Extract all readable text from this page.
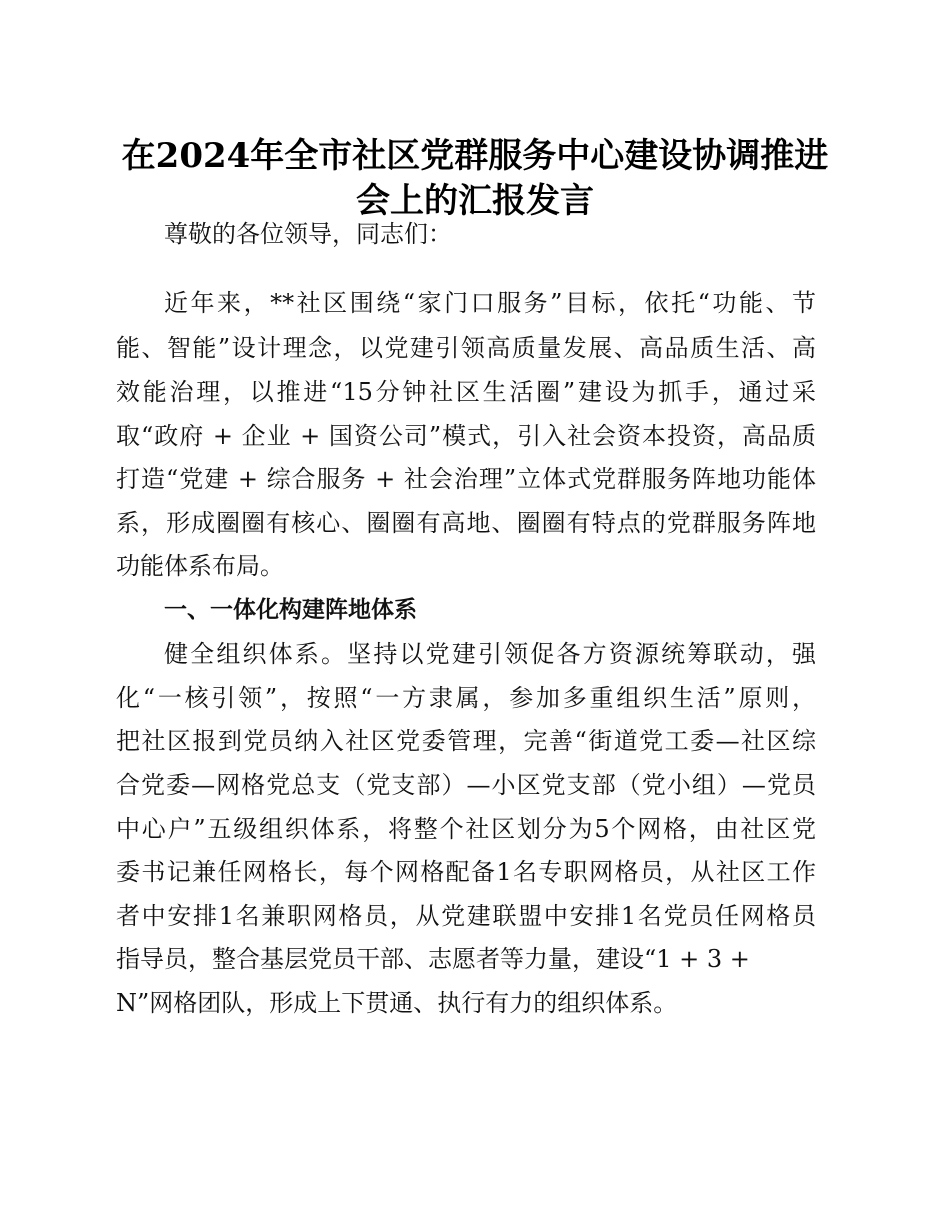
在2024年全市社区党群服务中心建设协调推进
会上的汇报发言

尊敬的各位领导，同志们：

近年来，**社区围绕“家门口服务”目标，依托“功能、节

能、智能”设计理念，以党建引领高质量发展、高品质生活、高

效能治理，以推进“15分钟社区生活圈”建设为抓手，通过采

取“政府 + 企业 + 国资公司”模式，引入社会资本投资，高品质

打造“党建 + 综合服务 + 社会治理”立体式党群服务阵地功能体

系，形成圈圈有核心、圈圈有高地、圈圈有特点的党群服务阵地

功能体系布局。

一、一体化构建阵地体系

健全组织体系。坚持以党建引领促各方资源统筹联动，强

化“一核引领”，按照“一方隶属，参加多重组织生活”原则，

把社区报到党员纳入社区党委管理，完善“街道党工委—社区综

合党委—网格党总支（党支部）—小区党支部（党小组）—党员

中心户”五级组织体系，将整个社区划分为5个网格，由社区党

委书记兼任网格长，每个网格配备1名专职网格员，从社区工作

者中安排1名兼职网格员，从党建联盟中安排1名党员任网格员

指导员，整合基层党员干部、志愿者等力量，建设“1 + 3 +

N”网格团队，形成上下贯通、执行有力的组织体系。
